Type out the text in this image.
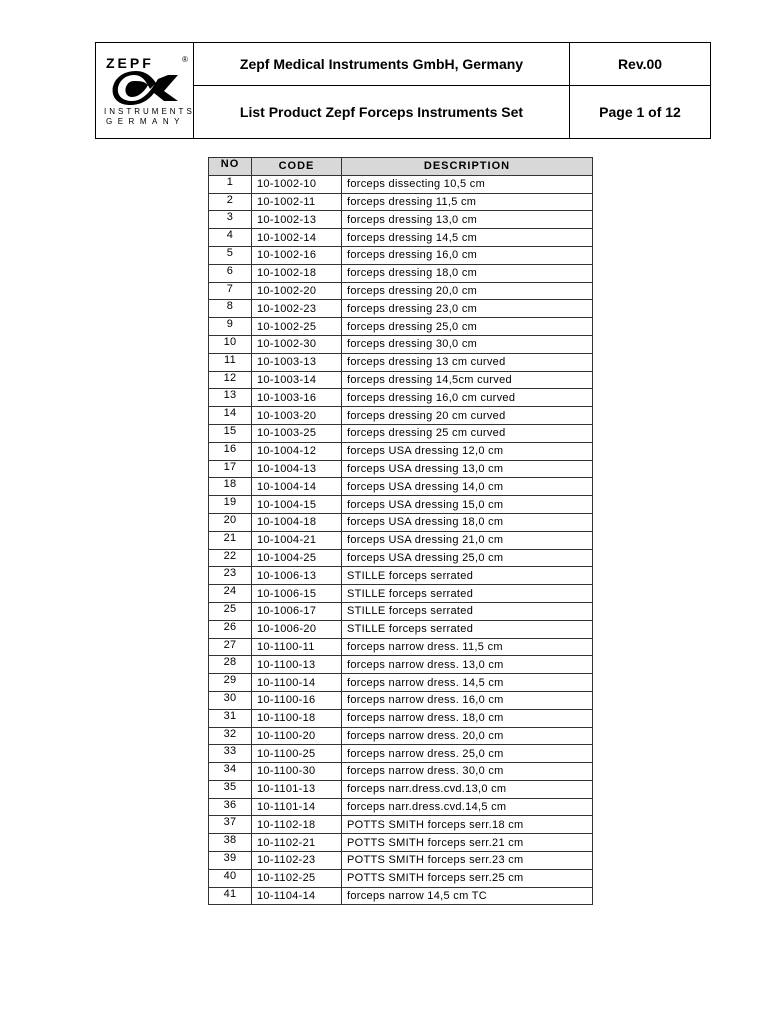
ZEPF	®
INSTRUMENTS
GERMANY
Zepf Medical Instruments GmbH, Germany	Rev.00
List Product Zepf Forceps Instruments Set	Page 1 of 12
NO	CODE	DESCRIPTION
1	10-1002-10	forceps dissecting 10,5 cm
2	10-1002-11	forceps dressing 11,5 cm
3	10-1002-13	forceps dressing 13,0 cm
4	10-1002-14	forceps dressing 14,5 cm
5	10-1002-16	forceps dressing 16,0 cm
6	10-1002-18	forceps dressing 18,0 cm
7	10-1002-20	forceps dressing 20,0 cm
8	10-1002-23	forceps dressing 23,0 cm
9	10-1002-25	forceps dressing 25,0 cm
10	10-1002-30	forceps dressing 30,0 cm
11	10-1003-13	forceps dressing 13 cm curved
12	10-1003-14	forceps dressing 14,5cm curved
13	10-1003-16	forceps dressing 16,0 cm curved
14	10-1003-20	forceps dressing 20 cm curved
15	10-1003-25	forceps dressing 25 cm curved
16	10-1004-12	forceps USA dressing 12,0 cm
17	10-1004-13	forceps USA dressing 13,0 cm
18	10-1004-14	forceps USA dressing 14,0 cm
19	10-1004-15	forceps USA dressing 15,0 cm
20	10-1004-18	forceps USA dressing 18,0 cm
21	10-1004-21	forceps USA dressing 21,0 cm
22	10-1004-25	forceps USA dressing 25,0 cm
23	10-1006-13	STILLE forceps serrated
24	10-1006-15	STILLE forceps serrated
25	10-1006-17	STILLE forceps serrated
26	10-1006-20	STILLE forceps serrated
27	10-1100-11	forceps narrow dress. 11,5 cm
28	10-1100-13	forceps narrow dress. 13,0 cm
29	10-1100-14	forceps narrow dress. 14,5 cm
30	10-1100-16	forceps narrow dress. 16,0 cm
31	10-1100-18	forceps narrow dress. 18,0 cm
32	10-1100-20	forceps narrow dress. 20,0 cm
33	10-1100-25	forceps narrow dress. 25,0 cm
34	10-1100-30	forceps narrow dress. 30,0 cm
35	10-1101-13	forceps narr.dress.cvd.13,0 cm
36	10-1101-14	forceps narr.dress.cvd.14,5 cm
37	10-1102-18	POTTS SMITH forceps serr.18 cm
38	10-1102-21	POTTS SMITH forceps serr.21 cm
39	10-1102-23	POTTS SMITH forceps serr.23 cm
40	10-1102-25	POTTS SMITH forceps serr.25 cm
41	10-1104-14	forceps narrow 14,5 cm TC
